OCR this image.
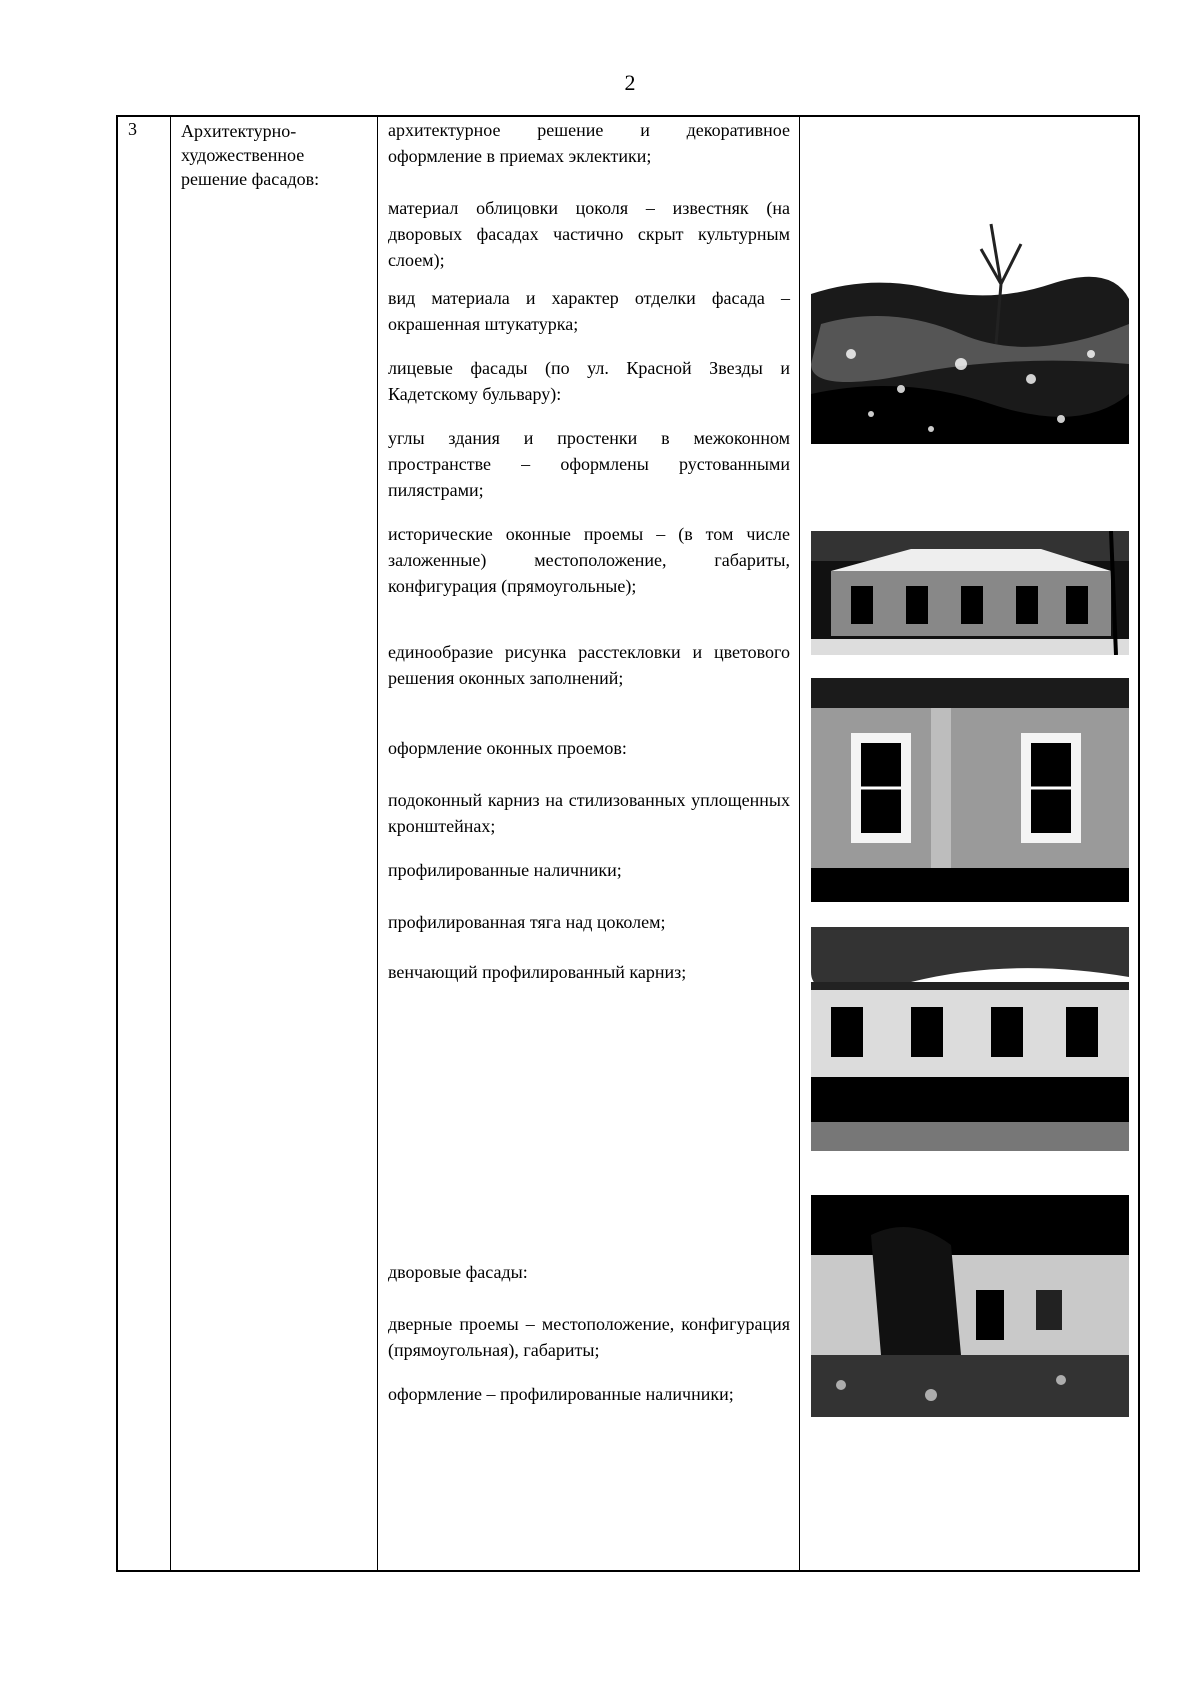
2
3 Архитектурно-художественное решение фасадов:
архитектурное решение и декоративное оформление в приемах эклектики;
материал облицовки цоколя – известняк (на дворовых фасадах частично скрыт культурным слоем);
вид материала и характер отделки фасада – окрашенная штукатурка;
лицевые фасады (по ул. Красной Звезды и Кадетскому бульвару):
углы здания и простенки в межоконном пространстве – оформлены рустованными пилястрами;
исторические оконные проемы – (в том числе заложенные) местоположение, габариты, конфигурация (прямоугольные);
единообразие рисунка расстекловки и цветового решения оконных заполнений;
оформление оконных проемов:
подоконный карниз на стилизованных уплощенных кронштейнах;
профилированные наличники;
профилированная тяга над цоколем;
венчающий профилированный карниз;
дворовые фасады:
дверные проемы – местоположение, конфигурация (прямоугольная), габариты;
оформление – профилированные наличники;
